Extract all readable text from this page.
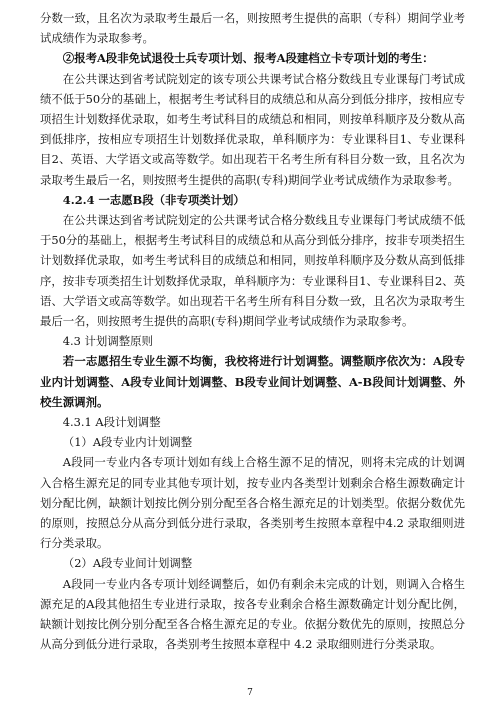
分数一致，且名次为录取考生最后一名，则按照考生提供的高职（专科）期间学业考试成绩作为录取参考。

②报考A段非免试退役士兵专项计划、报考A段建档立卡专项计划的考生：

在公共课达到省考试院划定的该专项公共课考试合格分数线且专业课每门考试成绩不低于50分的基础上，根据考生考试科目的成绩总和从高分到低分排序，按相应专项招生计划数择优录取，如考生考试科目的成绩总和相同，则按单科顺序及分数从高到低排序，按相应专项招生计划数择优录取，单科顺序为：专业课科目1、专业课科目2、英语、大学语文或高等数学。如出现若干名考生所有科目分数一致，且名次为录取考生最后一名，则按照考生提供的高职(专科)期间学业考试成绩作为录取参考。

4.2.4 一志愿B段（非专项类计划）

在公共课达到省考试院划定的公共课考试合格分数线且专业课每门考试成绩不低于50分的基础上，根据考生考试科目的成绩总和从高分到低分排序，按非专项类招生计划数择优录取，如考生考试科目的成绩总和相同，则按单科顺序及分数从高到低排序，按非专项类招生计划数择优录取，单科顺序为：专业课科目1、专业课科目2、英语、大学语文或高等数学。如出现若干名考生所有科目分数一致，且名次为录取考生最后一名，则按照考生提供的高职(专科)期间学业考试成绩作为录取参考。

4.3 计划调整原则

若一志愿招生专业生源不均衡，我校将进行计划调整。调整顺序依次为：A段专业内计划调整、A段专业间计划调整、B段专业间计划调整、A-B段间计划调整、外校生源调剂。

4.3.1 A段计划调整

（1）A段专业内计划调整

A段同一专业内各专项计划如有线上合格生源不足的情况，则将未完成的计划调入合格生源充足的同专业其他专项计划，按专业内各类型计划剩余合格生源数确定计划分配比例，缺额计划按比例分别分配至各合格生源充足的计划类型。依据分数优先的原则，按照总分从高分到低分进行录取，各类别考生按照本章程中4.2 录取细则进行分类录取。

（2）A段专业间计划调整

A段同一专业内各专项计划经调整后，如仍有剩余未完成的计划，则调入合格生源充足的A段其他招生专业进行录取，按各专业剩余合格生源数确定计划分配比例，缺额计划按比例分别分配至各合格生源充足的专业。依据分数优先的原则，按照总分从高分到低分进行录取，各类别考生按照本章程中 4.2 录取细则进行分类录取。

7
